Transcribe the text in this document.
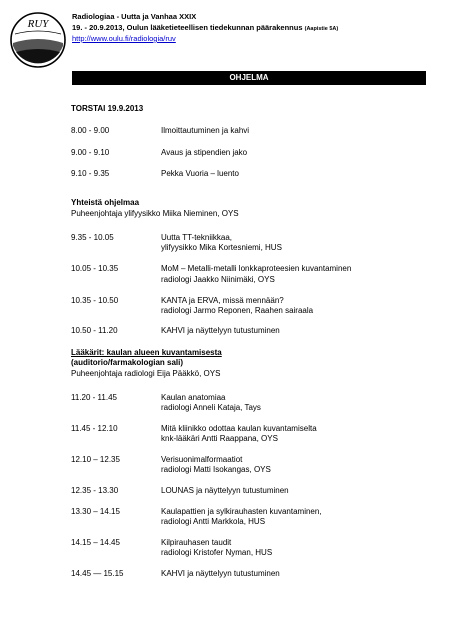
RUY
Radiologiaa - Uutta ja Vanhaa XXIX
19. - 20.9.2013, Oulun lääketieteellisen tiedekunnan päärakennus (Aapistie 5A)
http://www.oulu.fi/radiologia/ruv
OHJELMA
TORSTAI 19.9.2013
8.00 - 9.00	Ilmoittautuminen ja kahvi
9.00 - 9.10	Avaus ja stipendien jako
9.10 - 9.35	Pekka Vuoria – luento
Yhteistä ohjelmaa
Puheenjohtaja ylifyysikko Miika Nieminen, OYS
9.35 - 10.05	Uutta TT-tekniikkaa,
ylifyysikko Mika Kortesniemi, HUS
10.05 - 10.35	MoM – Metalli-metalli lonkkaproteesien kuvantaminen
radiologi Jaakko Niinimäki, OYS
10.35 - 10.50	KANTA ja ERVA, missä mennään?
radiologi Jarmo Reponen, Raahen sairaala
10.50 - 11.20	KAHVI ja näyttelyyn tutustuminen
Lääkärit: kaulan alueen kuvantamisesta
(auditorio/farmakologian sali)
Puheenjohtaja radiologi Eija Pääkkö, OYS
11.20 - 11.45	Kaulan anatomiaa
radiologi Anneli Kataja, Tays
11.45 - 12.10	Mitä kliinikko odottaa kaulan kuvantamiselta
knk-lääkäri Antti Raappana, OYS
12.10 – 12.35	Verisuonimalformaatiot
radiologi Matti Isokangas, OYS
12.35 - 13.30	LOUNAS ja näyttelyyn tutustuminen
13.30 – 14.15	Kaulapattien ja sylkirauhasten kuvantaminen,
radiologi Antti Markkola, HUS
14.15 – 14.45	Kilpirauhasen taudit
radiologi Kristofer Nyman, HUS
14.45 — 15.15	KAHVI ja näyttelyyn tutustuminen
